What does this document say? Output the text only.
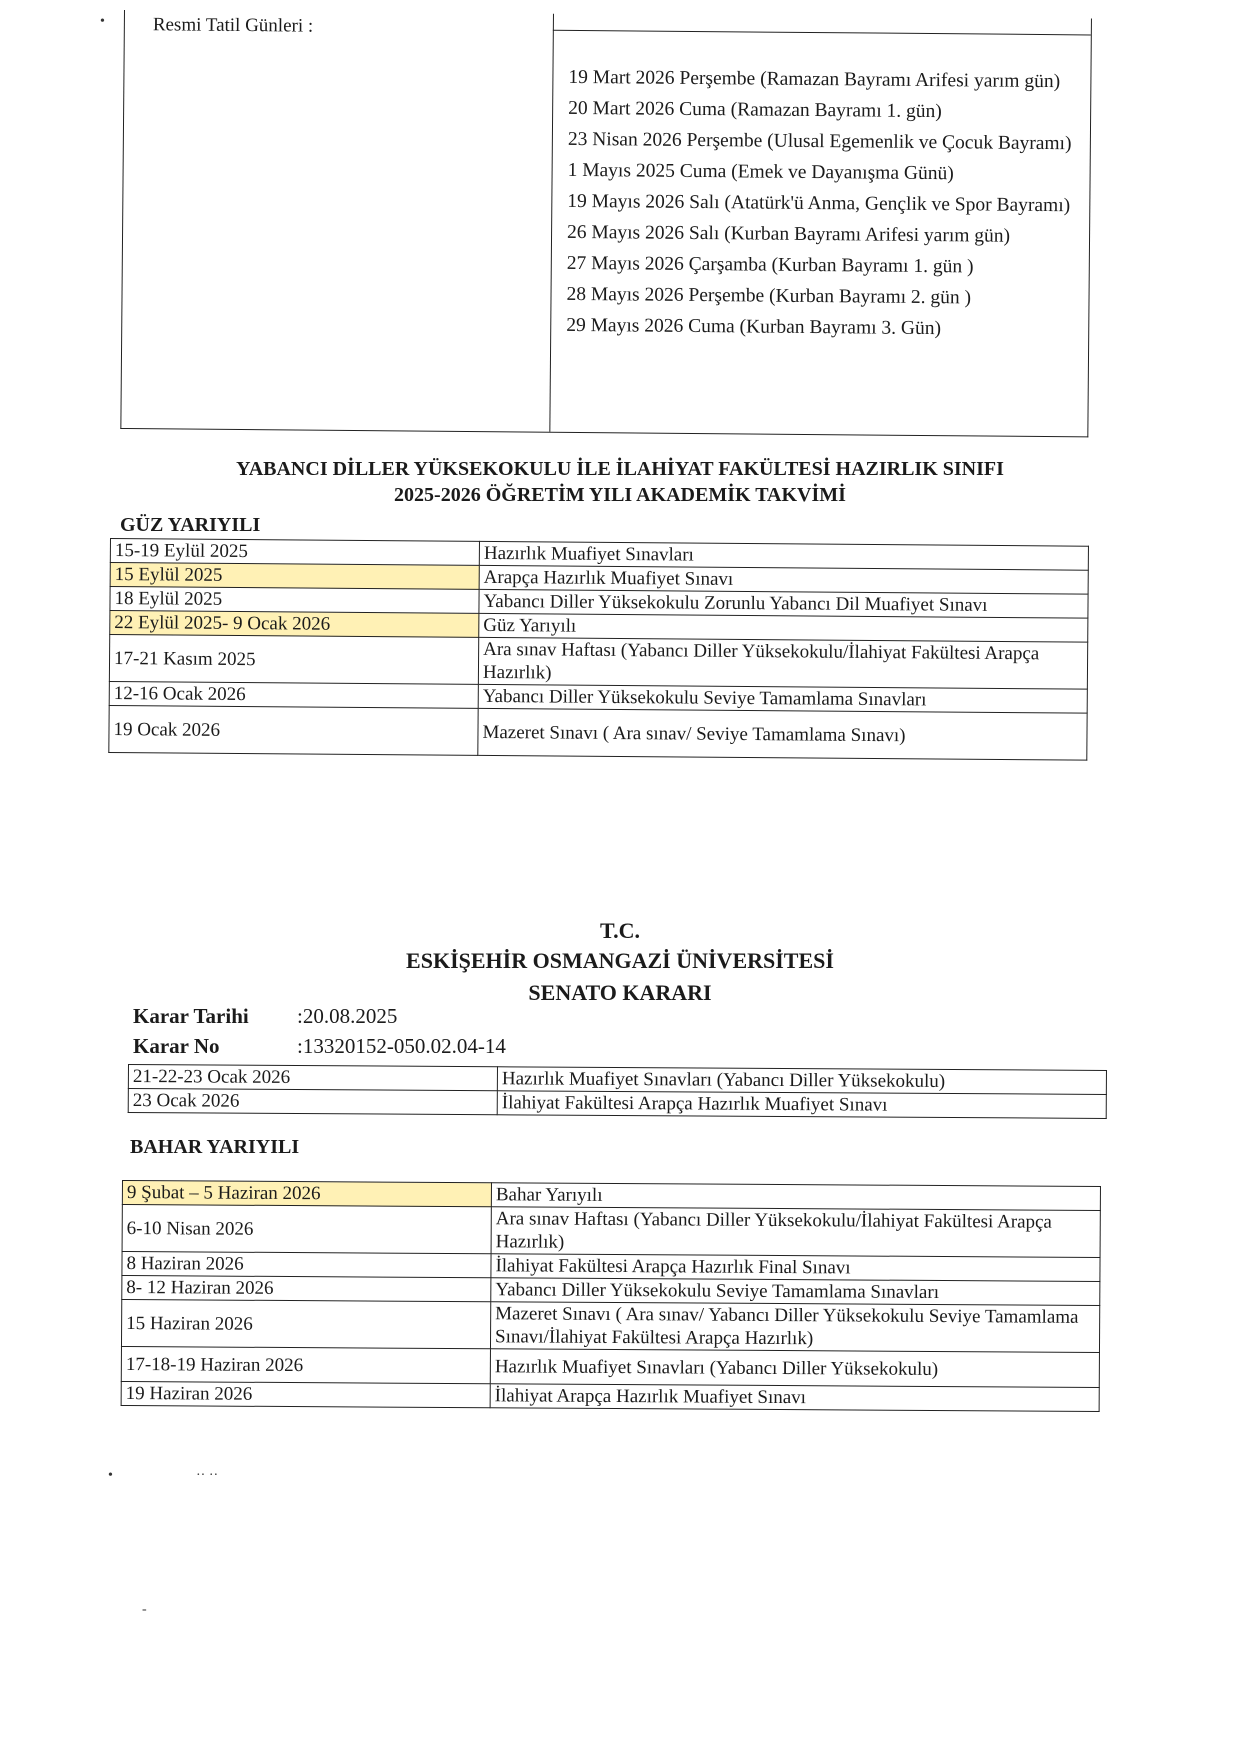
•	Resmi Tatil Günleri :
19 Mart 2026 Perşembe (Ramazan Bayramı Arifesi yarım gün)
20 Mart 2026 Cuma (Ramazan Bayramı 1. gün)
23 Nisan 2026 Perşembe (Ulusal Egemenlik ve Çocuk Bayramı)
1 Mayıs 2025 Cuma (Emek ve Dayanışma Günü)
19 Mayıs 2026 Salı (Atatürk'ü Anma, Gençlik ve Spor Bayramı)
26 Mayıs 2026 Salı (Kurban Bayramı Arifesi yarım gün)
27 Mayıs 2026 Çarşamba (Kurban Bayramı 1. gün )
28 Mayıs 2026 Perşembe (Kurban Bayramı 2. gün )
29 Mayıs 2026 Cuma (Kurban Bayramı 3. Gün)
YABANCI DİLLER YÜKSEKOKULU İLE İLAHİYAT FAKÜLTESİ HAZIRLIK SINIFI
2025-2026 ÖĞRETİM YILI AKADEMİK TAKVİMİ
GÜZ YARIYILI
15-19 Eylül 2025	Hazırlık Muafiyet Sınavları
15 Eylül 2025	Arapça Hazırlık Muafiyet Sınavı
18 Eylül 2025	Yabancı Diller Yüksekokulu Zorunlu Yabancı Dil Muafiyet Sınavı
22 Eylül 2025- 9 Ocak 2026	Güz Yarıyılı
17-21 Kasım 2025	Ara sınav Haftası (Yabancı Diller Yüksekokulu/İlahiyat Fakültesi Arapça Hazırlık)
12-16 Ocak 2026	Yabancı Diller Yüksekokulu Seviye Tamamlama Sınavları
19 Ocak 2026	Mazeret Sınavı ( Ara sınav/ Seviye Tamamlama Sınavı)
T.C.
ESKİŞEHİR OSMANGAZİ ÜNİVERSİTESİ
SENATO KARARI
Karar Tarihi :20.08.2025
Karar No	:13320152-050.02.04-14
21-22-23 Ocak 2026	Hazırlık Muafiyet Sınavları (Yabancı Diller Yüksekokulu)
23 Ocak 2026	İlahiyat Fakültesi Arapça Hazırlık Muafiyet Sınavı
BAHAR YARIYILI
9 Şubat – 5 Haziran 2026	Bahar Yarıyılı
6-10 Nisan 2026	Ara sınav Haftası (Yabancı Diller Yüksekokulu/İlahiyat Fakültesi Arapça Hazırlık)
8 Haziran 2026	İlahiyat Fakültesi Arapça Hazırlık Final Sınavı
8- 12 Haziran 2026	Yabancı Diller Yüksekokulu Seviye Tamamlama Sınavları
15 Haziran 2026	Mazeret Sınavı ( Ara sınav/ Yabancı Diller Yüksekokulu Seviye Tamamlama Sınavı/İlahiyat Fakültesi Arapça Hazırlık)
17-18-19 Haziran 2026	Hazırlık Muafiyet Sınavları (Yabancı Diller Yüksekokulu)
19 Haziran 2026	İlahiyat Arapça Hazırlık Muafiyet Sınavı
•	·· ··
-
